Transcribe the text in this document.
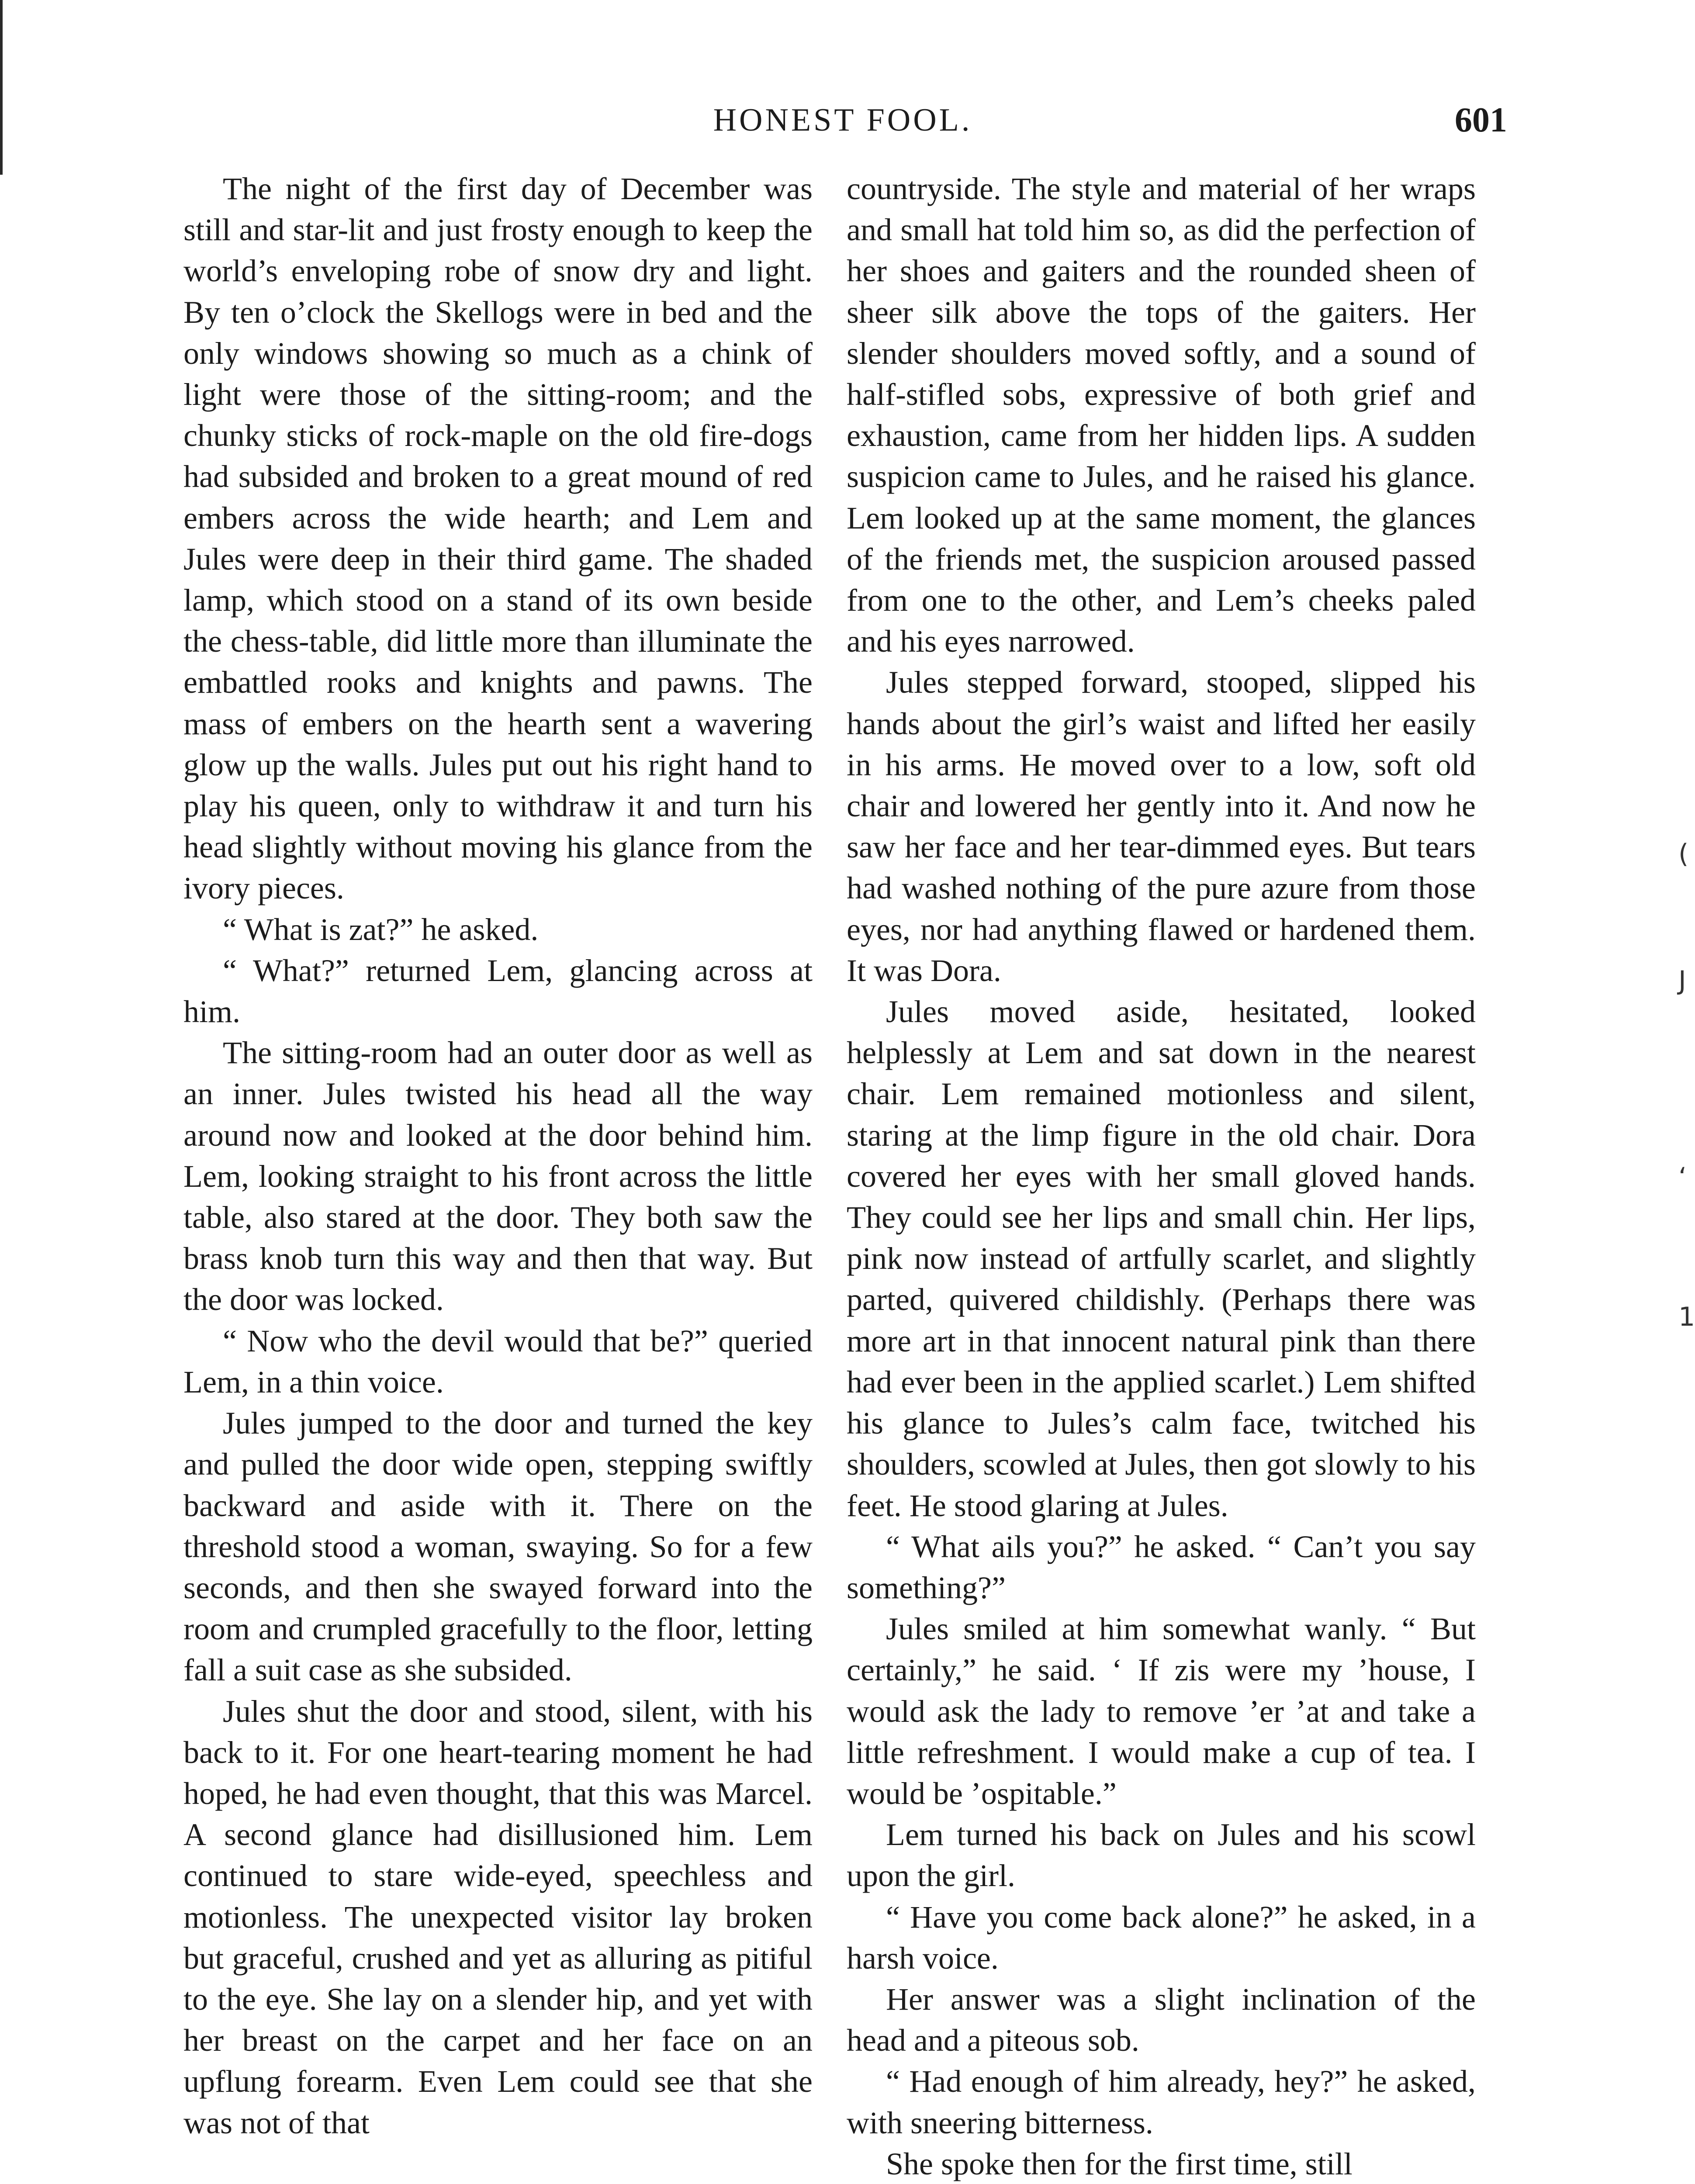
HONEST FOOL.	601

The night of the first day of December was still and star-lit and just frosty enough to keep the world’s enveloping robe of snow dry and light. By ten o’clock the Skellogs were in bed and the only windows showing so much as a chink of light were those of the sitting-room; and the chunky sticks of rock-maple on the old fire-dogs had subsided and broken to a great mound of red embers across the wide hearth; and Lem and Jules were deep in their third game. The shaded lamp, which stood on a stand of its own beside the chess-table, did little more than illuminate the embattled rooks and knights and pawns. The mass of embers on the hearth sent a wavering glow up the walls. Jules put out his right hand to play his queen, only to withdraw it and turn his head slightly without moving his glance from the ivory pieces.

“ What is zat?” he asked.

“ What?” returned Lem, glancing across at him.

The sitting-room had an outer door as well as an inner. Jules twisted his head all the way around now and looked at the door behind him. Lem, looking straight to his front across the little table, also stared at the door. They both saw the brass knob turn this way and then that way. But the door was locked.

“ Now who the devil would that be?” queried Lem, in a thin voice.

Jules jumped to the door and turned the key and pulled the door wide open, stepping swiftly backward and aside with it. There on the threshold stood a woman, swaying. So for a few seconds, and then she swayed forward into the room and crumpled gracefully to the floor, letting fall a suit case as she subsided.

Jules shut the door and stood, silent, with his back to it. For one heart-tearing moment he had hoped, he had even thought, that this was Marcel. A second glance had disillusioned him. Lem continued to stare wide-eyed, speechless and motionless. The unexpected visitor lay broken but graceful, crushed and yet as alluring as pitiful to the eye. She lay on a slender hip, and yet with her breast on the carpet and her face on an upflung forearm. Even Lem could see that she was not of that

countryside. The style and material of her wraps and small hat told him so, as did the perfection of her shoes and gaiters and the rounded sheen of sheer silk above the tops of the gaiters. Her slender shoulders moved softly, and a sound of half-stifled sobs, expressive of both grief and exhaustion, came from her hidden lips. A sudden suspicion came to Jules, and he raised his glance. Lem looked up at the same moment, the glances of the friends met, the suspicion aroused passed from one to the other, and Lem’s cheeks paled and his eyes narrowed.

Jules stepped forward, stooped, slipped his hands about the girl’s waist and lifted her easily in his arms. He moved over to a low, soft old chair and lowered her gently into it. And now he saw her face and her tear-dimmed eyes. But tears had washed nothing of the pure azure from those eyes, nor had anything flawed or hardened them. It was Dora.

Jules moved aside, hesitated, looked helplessly at Lem and sat down in the nearest chair. Lem remained motionless and silent, staring at the limp figure in the old chair. Dora covered her eyes with her small gloved hands. They could see her lips and small chin. Her lips, pink now instead of artfully scarlet, and slightly parted, quivered childishly. (Perhaps there was more art in that innocent natural pink than there had ever been in the applied scarlet.) Lem shifted his glance to Jules’s calm face, twitched his shoulders, scowled at Jules, then got slowly to his feet. He stood glaring at Jules.

“ What ails you?” he asked. “ Can’t you say something?”

Jules smiled at him somewhat wanly. “ But certainly,” he said. ‘ If zis were my ’house, I would ask the lady to remove ’er ’at and take a little refreshment. I would make a cup of tea. I would be ’ospitable.”

Lem turned his back on Jules and his scowl upon the girl.

“ Have you come back alone?” he asked, in a harsh voice.

Her answer was a slight inclination of the head and a piteous sob.

“ Had enough of him already, hey?” he asked, with sneering bitterness.

She spoke then for the first time, still

(
J
‘
1
